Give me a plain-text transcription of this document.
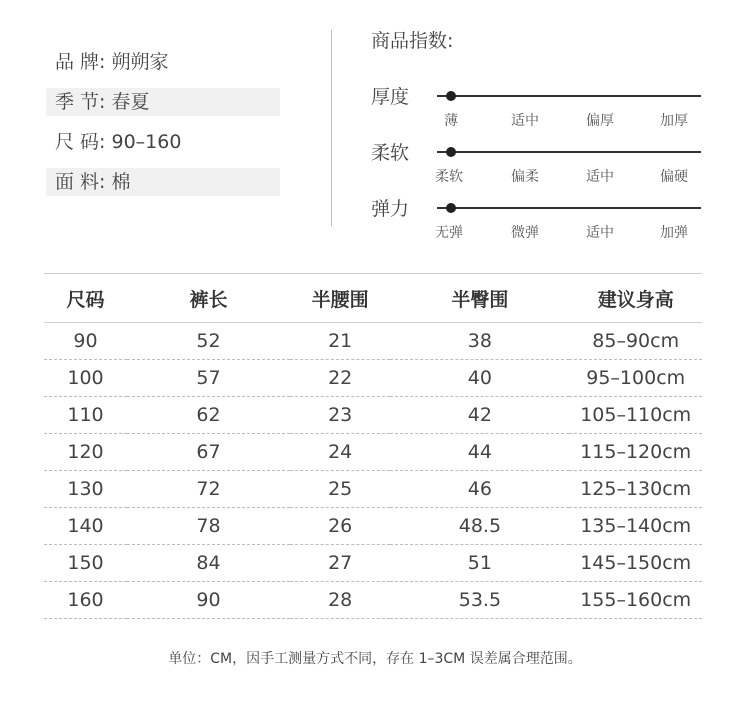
品 牌: 朔朔家
季 节: 春夏
尺 码: 90–160
面 料: 棉
商品指数:
厚度
薄	适中	偏厚	加厚
柔软
柔软	偏柔	适中	偏硬
弹力
无弹	微弹	适中	加弹
尺码	裤长	半腰围	半臀围	建议身高
90	52	21	38	85–90cm
100	57	22	40	95–100cm
110	62	23	42	105–110cm
120	67	24	44	115–120cm
130	72	25	46	125–130cm
140	78	26	48.5	135–140cm
150	84	27	51	145–150cm
160	90	28	53.5	155–160cm
单位：CM，因手工测量方式不同，存在 1–3CM 误差属合理范围。
